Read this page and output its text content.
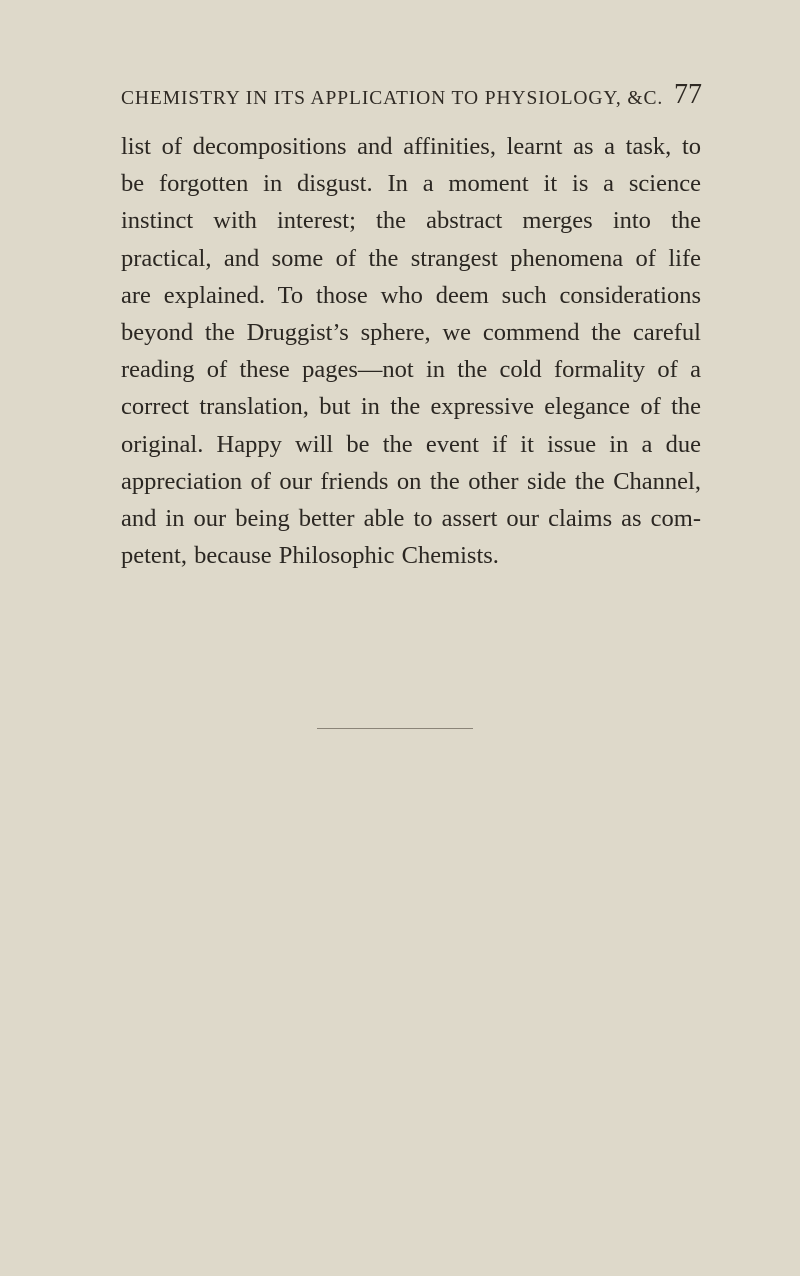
CHEMISTRY IN ITS APPLICATION TO PHYSIOLOGY, &C. 77
list of decompositions and affinities, learnt as a task, to
be forgotten in disgust. In a moment it is a science
instinct with interest; the abstract merges into the
practical, and some of the strangest phenomena of life
are explained. To those who deem such considerations
beyond the Druggist’s sphere, we commend the careful
reading of these pages—not in the cold formality of a
correct translation, but in the expressive elegance of the
original. Happy will be the event if it issue in a due
appreciation of our friends on the other side the Channel,
and in our being better able to assert our claims as com-
petent, because Philosophic Chemists.
